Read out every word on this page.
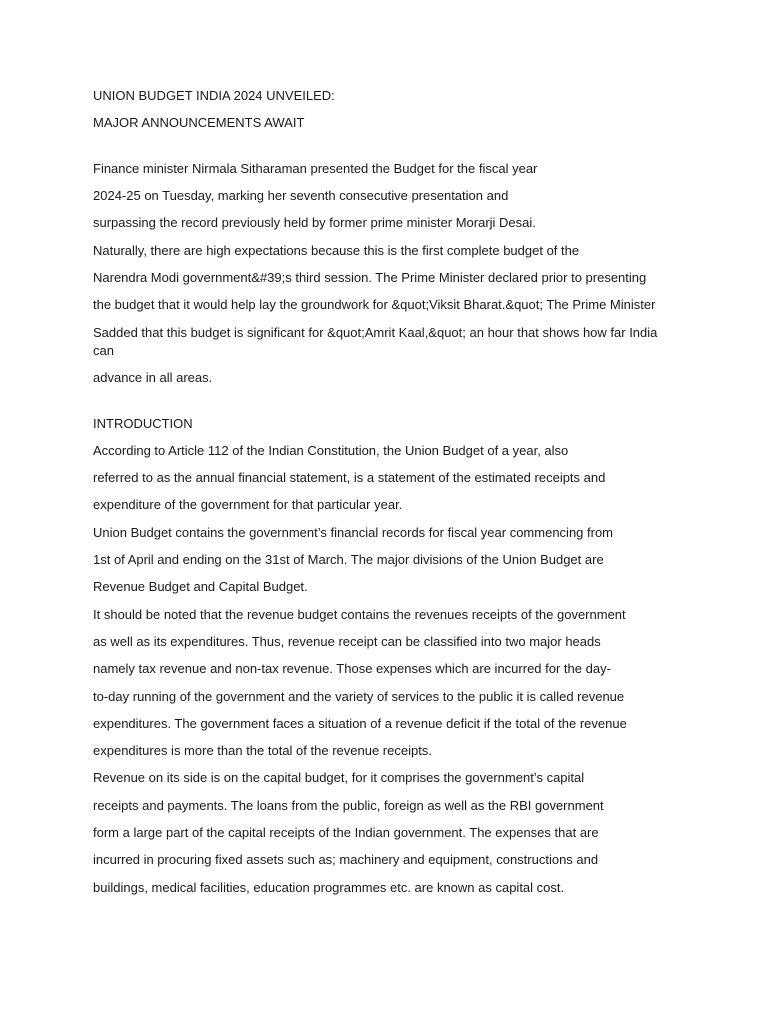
UNION BUDGET INDIA 2024 UNVEILED:

MAJOR ANNOUNCEMENTS AWAIT

Finance minister Nirmala Sitharaman presented the Budget for the fiscal year

2024-25 on Tuesday, marking her seventh consecutive presentation and

surpassing the record previously held by former prime minister Morarji Desai.

Naturally, there are high expectations because this is the first complete budget of the

Narendra Modi government&#39;s third session. The Prime Minister declared prior to presenting

the budget that it would help lay the groundwork for &quot;Viksit Bharat.&quot; The Prime Minister

Sadded that this budget is significant for &quot;Amrit Kaal,&quot; an hour that shows how far India can

advance in all areas.

INTRODUCTION

According to Article 112 of the Indian Constitution, the Union Budget of a year, also

referred to as the annual financial statement, is a statement of the estimated receipts and

expenditure of the government for that particular year.

Union Budget contains the government’s financial records for fiscal year commencing from

1st of April and ending on the 31st of March. The major divisions of the Union Budget are

Revenue Budget and Capital Budget.

It should be noted that the revenue budget contains the revenues receipts of the government

as well as its expenditures. Thus, revenue receipt can be classified into two major heads

namely tax revenue and non-tax revenue. Those expenses which are incurred for the day-

to-day running of the government and the variety of services to the public it is called revenue

expenditures. The government faces a situation of a revenue deficit if the total of the revenue

expenditures is more than the total of the revenue receipts.

Revenue on its side is on the capital budget, for it comprises the government’s capital

receipts and payments. The loans from the public, foreign as well as the RBI government

form a large part of the capital receipts of the Indian government. The expenses that are

incurred in procuring fixed assets such as; machinery and equipment, constructions and

buildings, medical facilities, education programmes etc. are known as capital cost.
